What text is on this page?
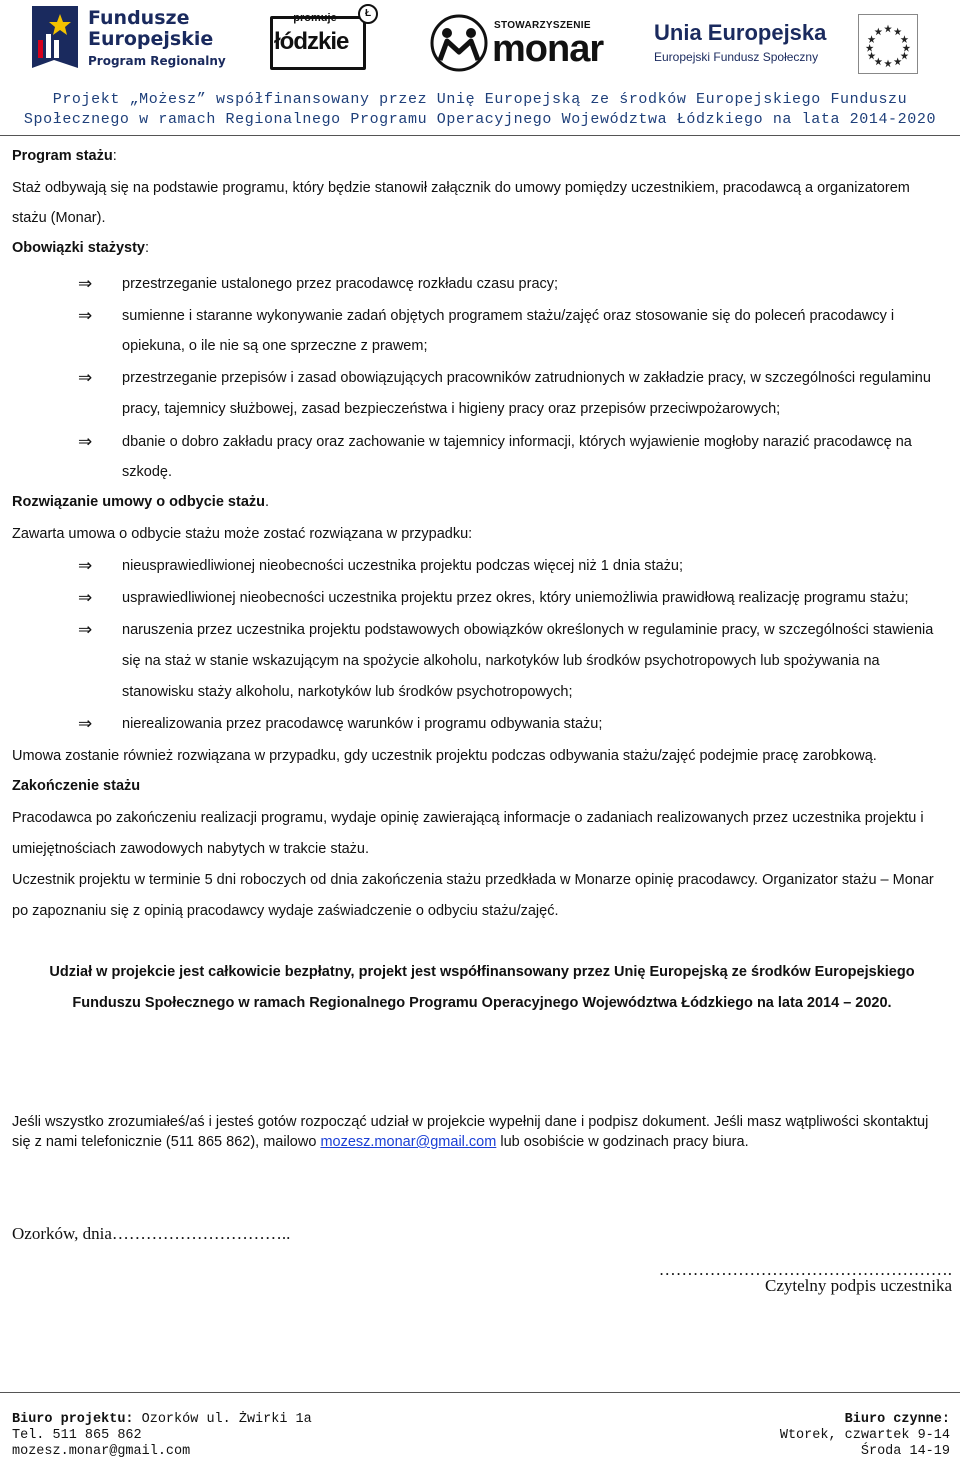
Fundusze
Europejskie
Program Regionalny
promuje
łódzkie
Ł
STOWARZYSZENIE
monar Unia Europejska
Europejski Fundusz Społeczny
Projekt „Możesz” współfinansowany przez Unię Europejską ze środków Europejskiego Funduszu
Społecznego w ramach Regionalnego Programu Operacyjnego Województwa Łódzkiego na lata 2014-2020
Program stażu:
Staż odbywają się na podstawie programu, który będzie stanowił załącznik do umowy pomiędzy uczestnikiem, pracodawcą a organizatorem
stażu (Monar).
Obowiązki stażysty:
⇒ przestrzeganie ustalonego przez pracodawcę rozkładu czasu pracy;
⇒ sumienne i staranne wykonywanie zadań objętych programem stażu/zajęć oraz stosowanie się do poleceń pracodawcy i
opiekuna, o ile nie są one sprzeczne z prawem;
⇒ przestrzeganie przepisów i zasad obowiązujących pracowników zatrudnionych w zakładzie pracy, w szczególności regulaminu
pracy, tajemnicy służbowej, zasad bezpieczeństwa i higieny pracy oraz przepisów przeciwpożarowych;
⇒ dbanie o dobro zakładu pracy oraz zachowanie w tajemnicy informacji, których wyjawienie mogłoby narazić pracodawcę na
szkodę.
Rozwiązanie umowy o odbycie stażu.
Zawarta umowa o odbycie stażu może zostać rozwiązana w przypadku:
⇒ nieusprawiedliwionej nieobecności uczestnika projektu podczas więcej niż 1 dnia stażu;
⇒ usprawiedliwionej nieobecności uczestnika projektu przez okres, który uniemożliwia prawidłową realizację programu stażu;
⇒ naruszenia przez uczestnika projektu podstawowych obowiązków określonych w regulaminie pracy, w szczególności stawienia
się na staż w stanie wskazującym na spożycie alkoholu, narkotyków lub środków psychotropowych lub spożywania na
stanowisku staży alkoholu, narkotyków lub środków psychotropowych;
⇒ nierealizowania przez pracodawcę warunków i programu odbywania stażu;
Umowa zostanie również rozwiązana w przypadku, gdy uczestnik projektu podczas odbywania stażu/zajęć podejmie pracę zarobkową.
Zakończenie stażu
Pracodawca po zakończeniu realizacji programu, wydaje opinię zawierającą informacje o zadaniach realizowanych przez uczestnika projektu i
umiejętnościach zawodowych nabytych w trakcie stażu.
Uczestnik projektu w terminie 5 dni roboczych od dnia zakończenia stażu przedkłada w Monarze opinię pracodawcy. Organizator stażu – Monar
po zapoznaniu się z opinią pracodawcy wydaje zaświadczenie o odbyciu stażu/zajęć.
Udział w projekcie jest całkowicie bezpłatny, projekt jest współfinansowany przez Unię Europejską ze środków Europejskiego
Funduszu Społecznego w ramach Regionalnego Programu Operacyjnego Województwa Łódzkiego na lata 2014 – 2020.
Jeśli wszystko zrozumiałeś/aś i jesteś gotów rozpocząć udział w projekcie wypełnij dane i podpisz dokument. Jeśli masz wątpliwości skontaktuj
się z nami telefonicznie (511 865 862), mailowo mozesz.monar@gmail.com lub osobiście w godzinach pracy biura.
Ozorków, dnia…………………………..
…………………………………………….
Czytelny podpis uczestnika
Biuro projektu: Ozorków ul. Żwirki 1a
Tel. 511 865 862
mozesz.monar@gmail.com
Biuro czynne:
Wtorek, czwartek 9-14
Środa 14-19
